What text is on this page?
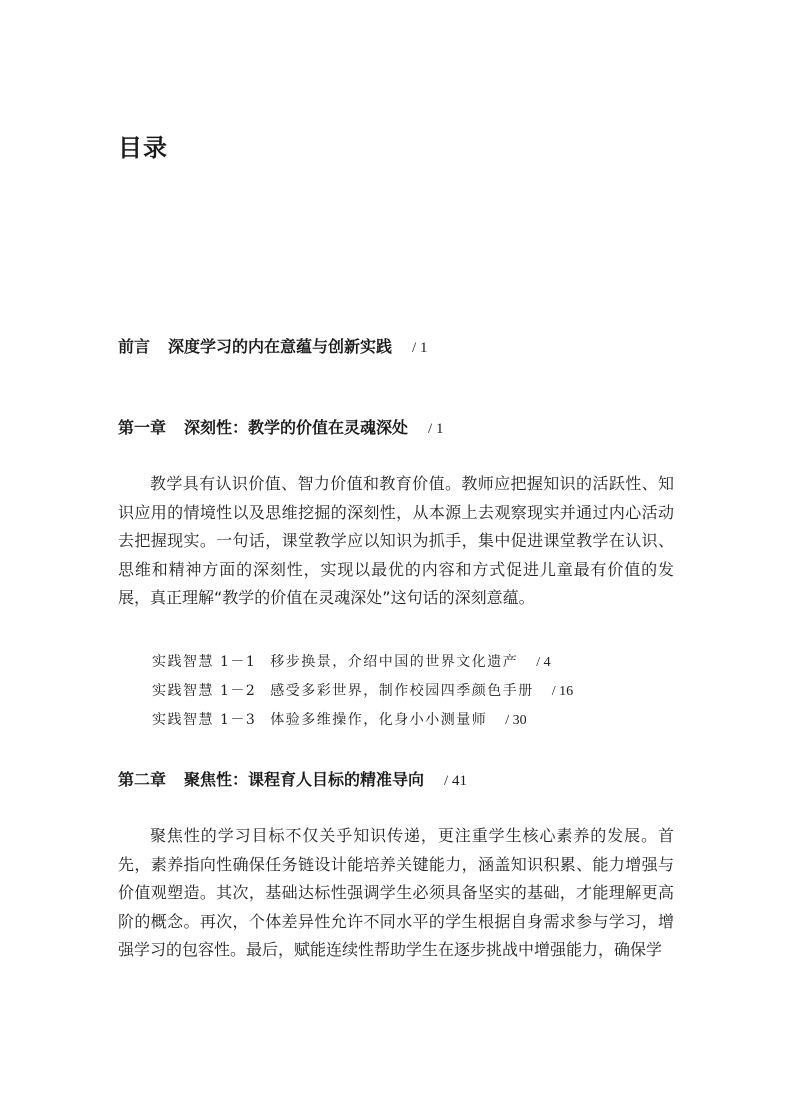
目录
前言 深度学习的内在意蕴与创新实践 / 1
第一章 深刻性：教学的价值在灵魂深处 / 1
教学具有认识价值、智力价值和教育价值。教师应把握知识的活跃性、知识应用的情境性以及思维挖掘的深刻性，从本源上去观察现实并通过内心活动去把握现实。一句话，课堂教学应以知识为抓手，集中促进课堂教学在认识、思维和精神方面的深刻性，实现以最优的内容和方式促进儿童最有价值的发展，真正理解“教学的价值在灵魂深处”这句话的深刻意蕴。
实践智慧 1－1 移步换景，介绍中国的世界文化遗产 / 4
实践智慧 1－2 感受多彩世界，制作校园四季颜色手册 / 16
实践智慧 1－3 体验多维操作，化身小小测量师 / 30
第二章 聚焦性：课程育人目标的精准导向 / 41
聚焦性的学习目标不仅关乎知识传递，更注重学生核心素养的发展。首先，素养指向性确保任务链设计能培养关键能力，涵盖知识积累、能力增强与价值观塑造。其次，基础达标性强调学生必须具备坚实的基础，才能理解更高阶的概念。再次，个体差异性允许不同水平的学生根据自身需求参与学习，增强学习的包容性。最后，赋能连续性帮助学生在逐步挑战中增强能力，确保学
